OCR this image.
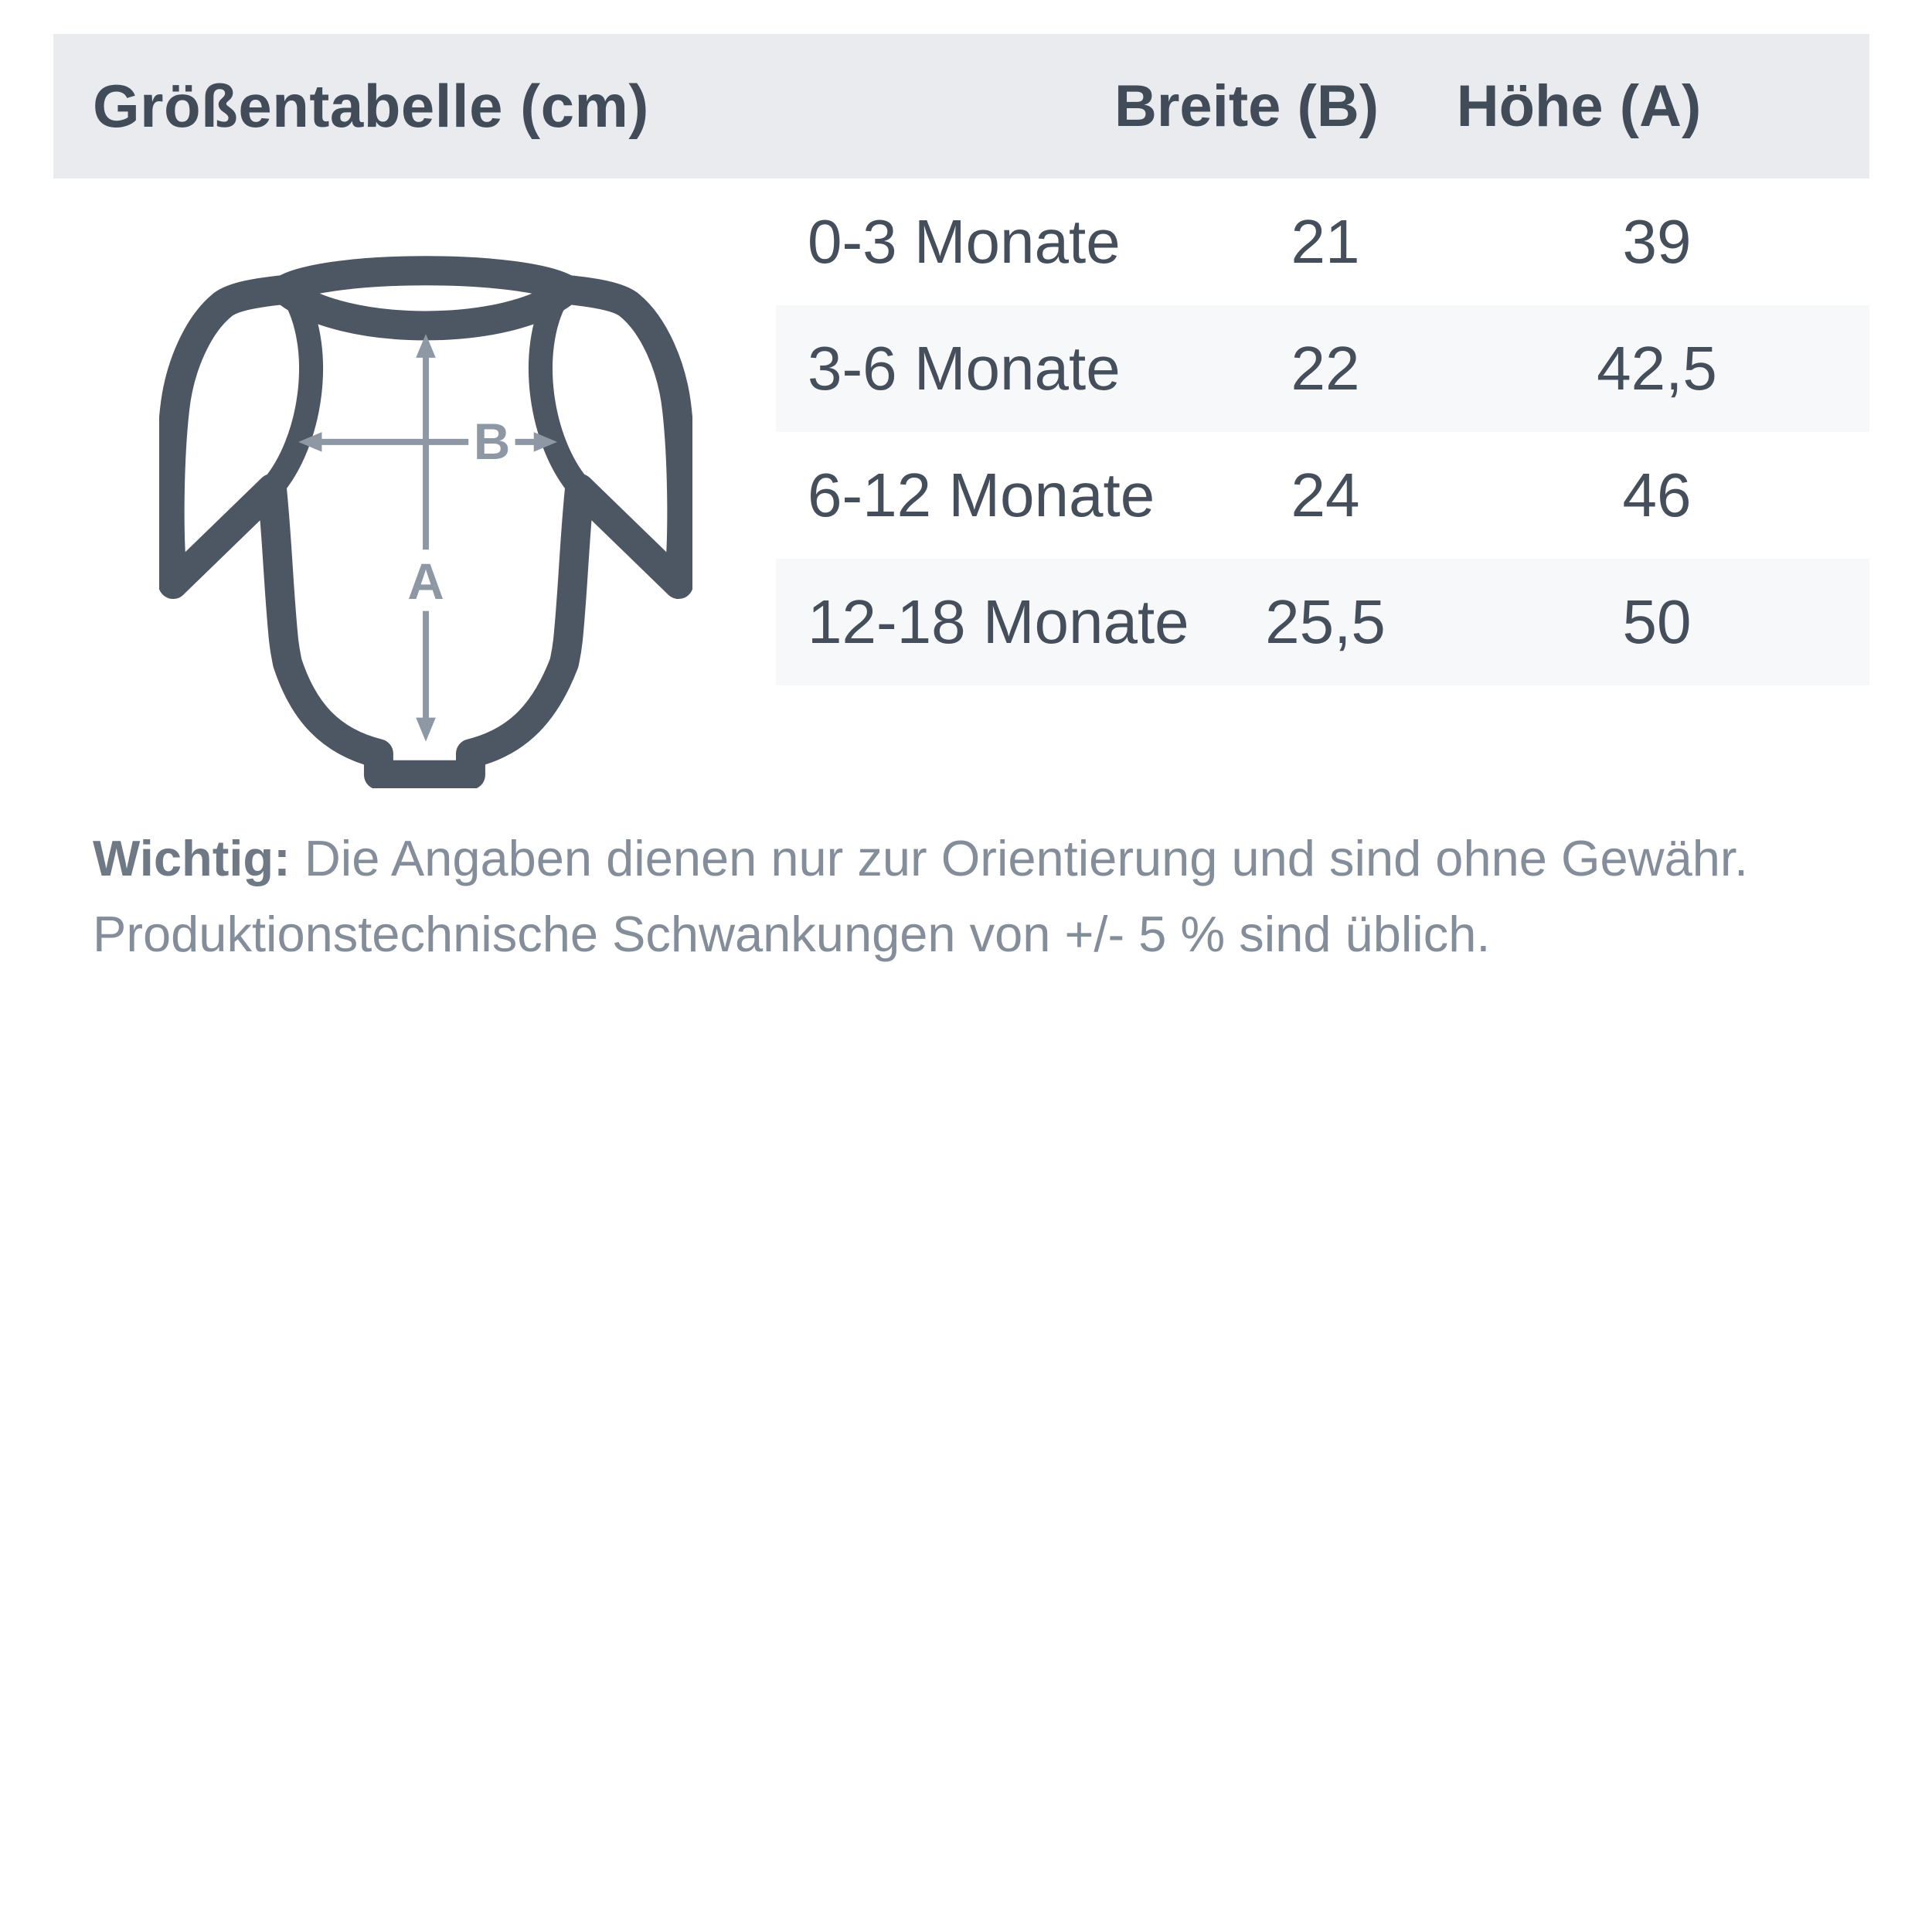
Größentabelle (cm)	Breite (B)	Höhe (A)
0-3 Monate	21	39
3-6 Monate	22	42,5
6-12 Monate	24	46
12-18 Monate	25,5	50
A
B
Wichtig: Die Angaben dienen nur zur Orientierung und sind ohne Gewähr.
Produktionstechnische Schwankungen von +/- 5 % sind üblich.
